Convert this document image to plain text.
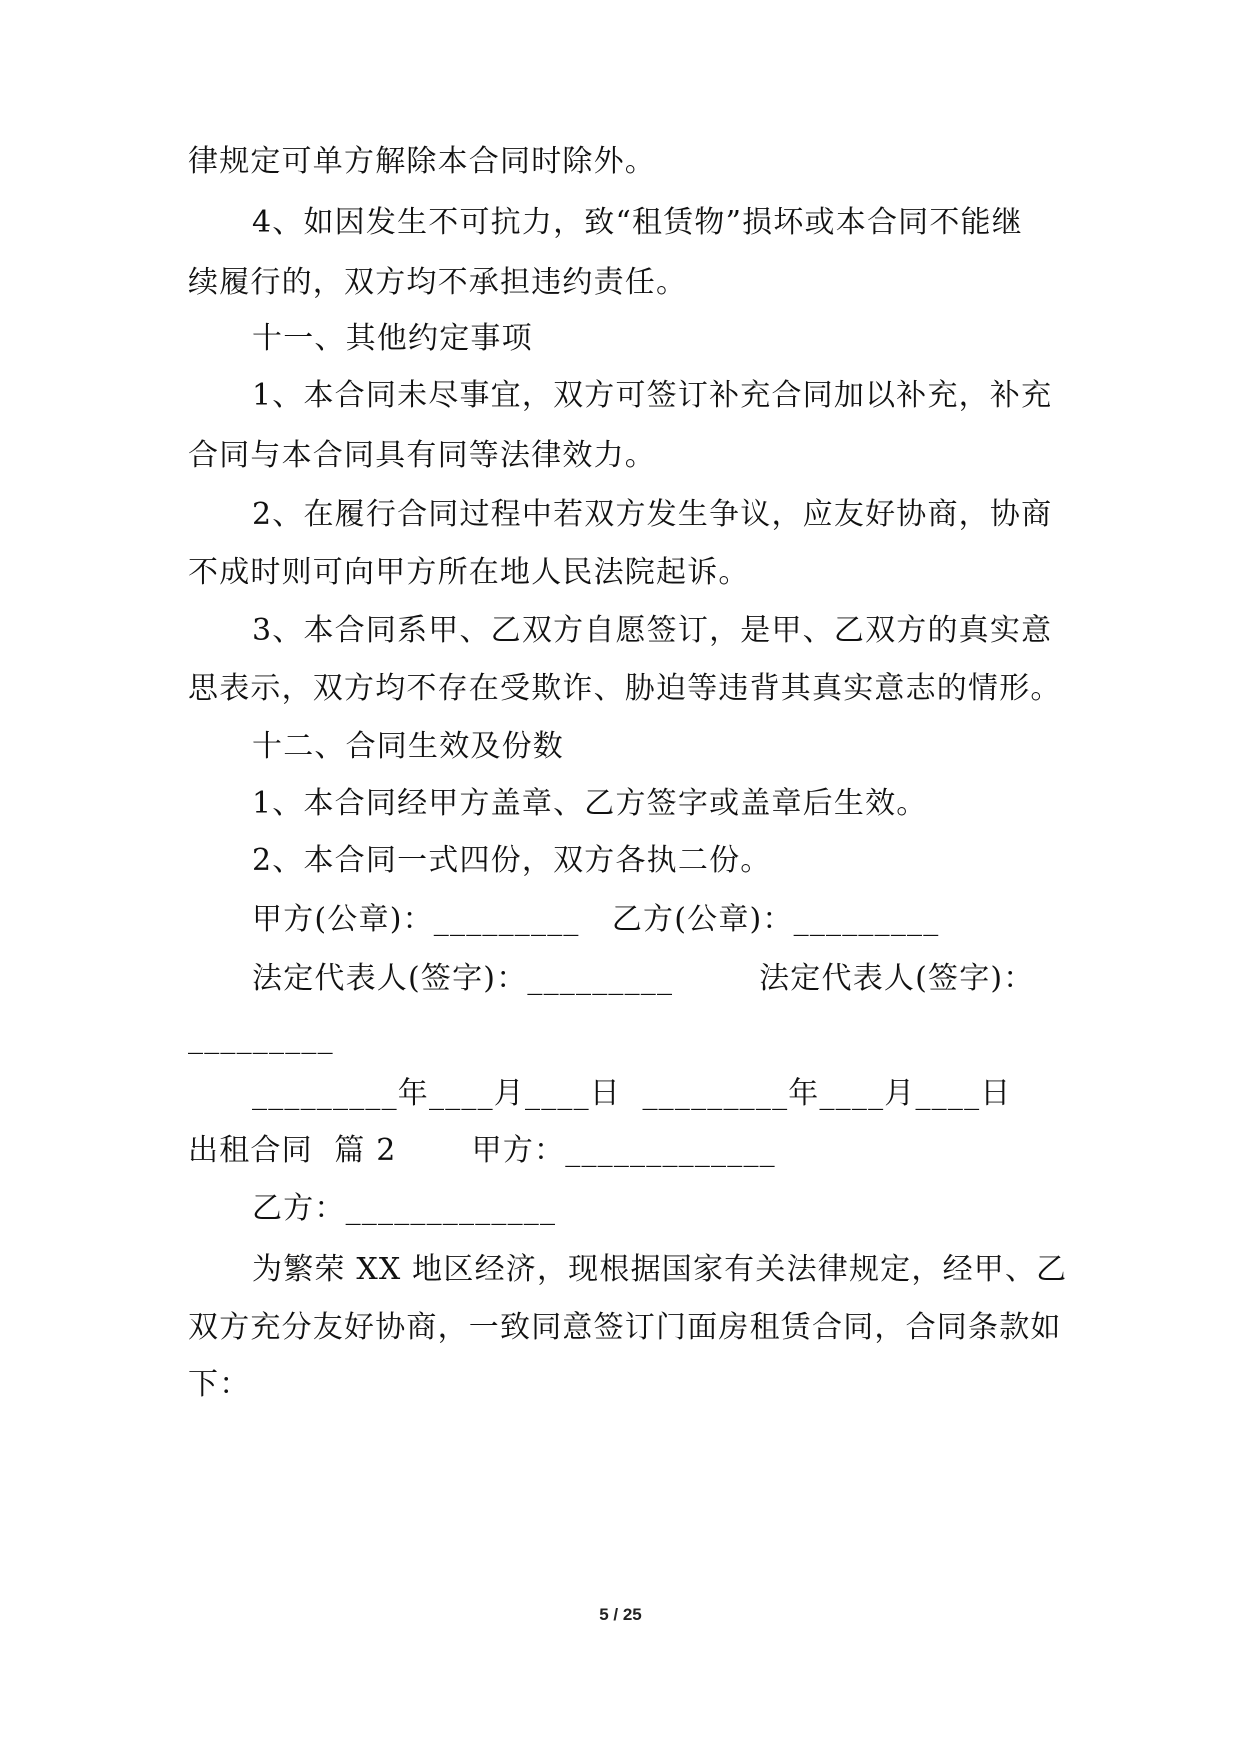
律规定可单方解除本合同时除外。
4、如因发生不可抗力，致“租赁物”损坏或本合同不能继
续履行的，双方均不承担违约责任。
十一、其他约定事项
1、本合同未尽事宜，双方可签订补充合同加以补充，补充
合同与本合同具有同等法律效力。
2、在履行合同过程中若双方发生争议，应友好协商，协商
不成时则可向甲方所在地人民法院起诉。
3、本合同系甲、乙双方自愿签订，是甲、乙双方的真实意
思表示，双方均不存在受欺诈、胁迫等违背其真实意志的情形。
十二、合同生效及份数
1、本合同经甲方盖章、乙方签字或盖章后生效。
2、本合同一式四份，双方各执二份。
甲方(公章)：_________   乙方(公章)：_________
法定代表人(签字)：_________        法定代表人(签字)：
_________
_________年____月____日  _________年____月____日
出租合同  篇 2       甲方：_____________
乙方：_____________
为繁荣 XX 地区经济，现根据国家有关法律规定，经甲、乙
双方充分友好协商，一致同意签订门面房租赁合同，合同条款如
下：
5 / 25
